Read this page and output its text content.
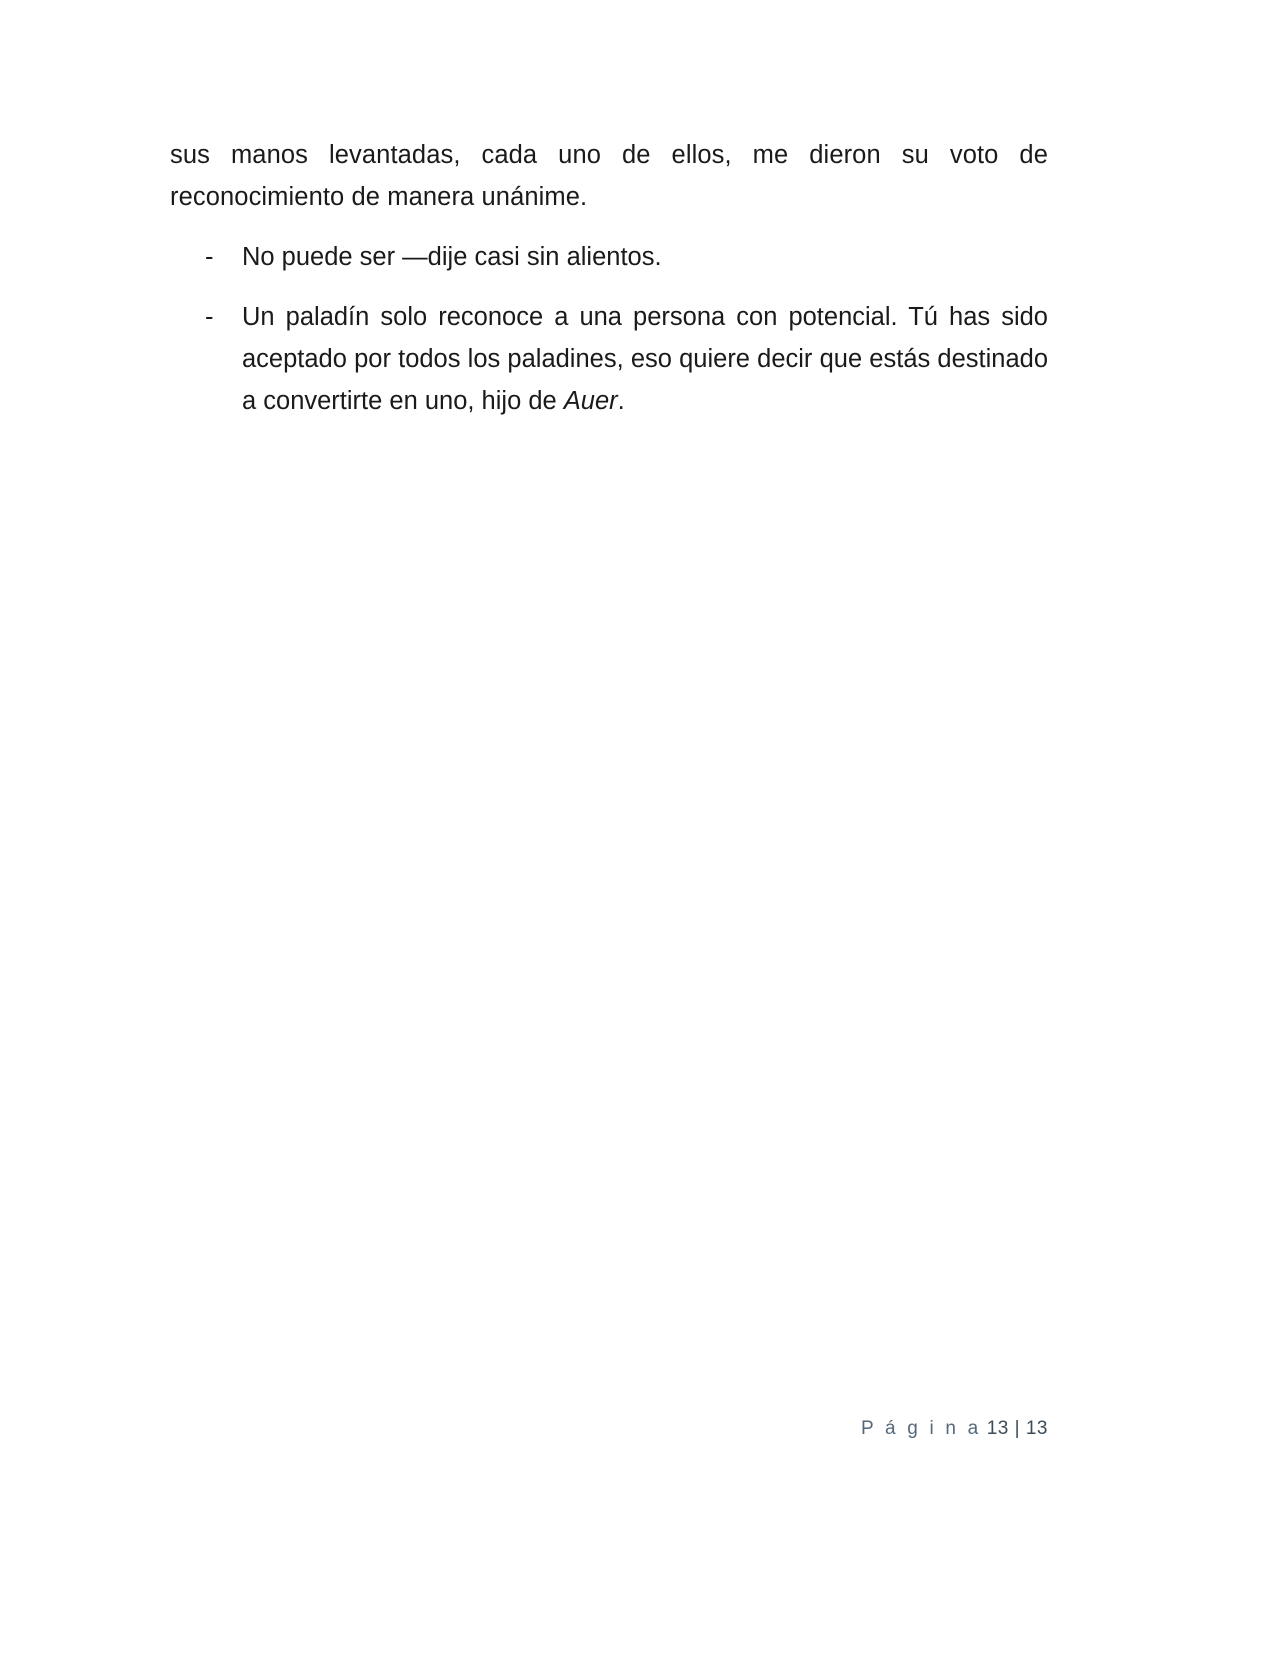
sus manos levantadas, cada uno de ellos, me dieron su voto de reconocimiento de manera unánime.

- No puede ser —dije casi sin alientos.
- Un paladín solo reconoce a una persona con potencial. Tú has sido aceptado por todos los paladines, eso quiere decir que estás destinado a convertirte en uno, hijo de Auer.
P á g i n a 13 | 13
